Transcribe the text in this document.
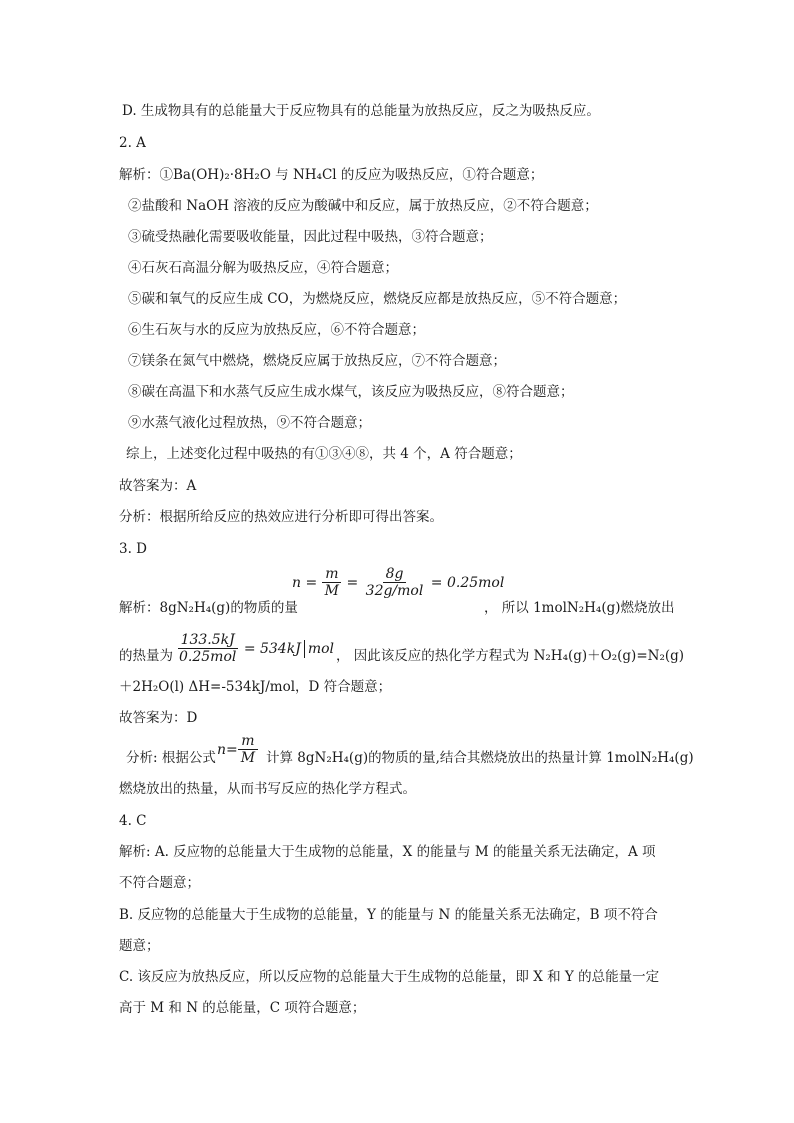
D. 生成物具有的总能量大于反应物具有的总能量为放热反应，反之为吸热反应。
2. A
解析：①Ba(OH)₂·8H₂O 与 NH₄Cl 的反应为吸热反应，①符合题意；
②盐酸和 NaOH 溶液的反应为酸碱中和反应，属于放热反应，②不符合题意；
③硫受热融化需要吸收能量，因此过程中吸热，③符合题意；
④石灰石高温分解为吸热反应，④符合题意；
⑤碳和氧气的反应生成 CO，为燃烧反应，燃烧反应都是放热反应，⑤不符合题意；
⑥生石灰与水的反应为放热反应，⑥不符合题意；
⑦镁条在氮气中燃烧，燃烧反应属于放热反应，⑦不符合题意；
⑧碳在高温下和水蒸气反应生成水煤气，该反应为吸热反应，⑧符合题意；
⑨水蒸气液化过程放热，⑨不符合题意；
综上，上述变化过程中吸热的有①③④⑧，共 4 个，A 符合题意；
故答案为：A
分析：根据所给反应的热效应进行分析即可得出答案。
3. D
$n = \frac{m}{M} = \frac{8g}{\text{32g/mol}}$
= 0.25mol
解析：8gN₂H₄(g)的物质的量	， 所以 1molN₂H₄(g)燃烧放出
$\frac{133.5kJ}{\text{0.25mol}}$
= 534kJ mol
的热量为	， 因此该反应的热化学方程式为 N₂H₄(g)＋O₂(g)=N₂(g)
＋2H₂O(l) ΔH=-534kJ/mol，D 符合题意；
故答案为：D
分析: 根据公式
$n = \frac{m}{M}$ 计算 8gN₂H₄(g)的物质的量,结合其燃烧放出的热量计算 1molN₂H₄(g)
燃烧放出的热量，从而书写反应的热化学方程式。
4. C
解析: A. 反应物的总能量大于生成物的总能量，X 的能量与 M 的能量关系无法确定，A 项
不符合题意；
B. 反应物的总能量大于生成物的总能量，Y 的能量与 N 的能量关系无法确定，B 项不符合
题意；
C. 该反应为放热反应，所以反应物的总能量大于生成物的总能量，即 X 和 Y 的总能量一定
高于 M 和 N 的总能量，C 项符合题意；
